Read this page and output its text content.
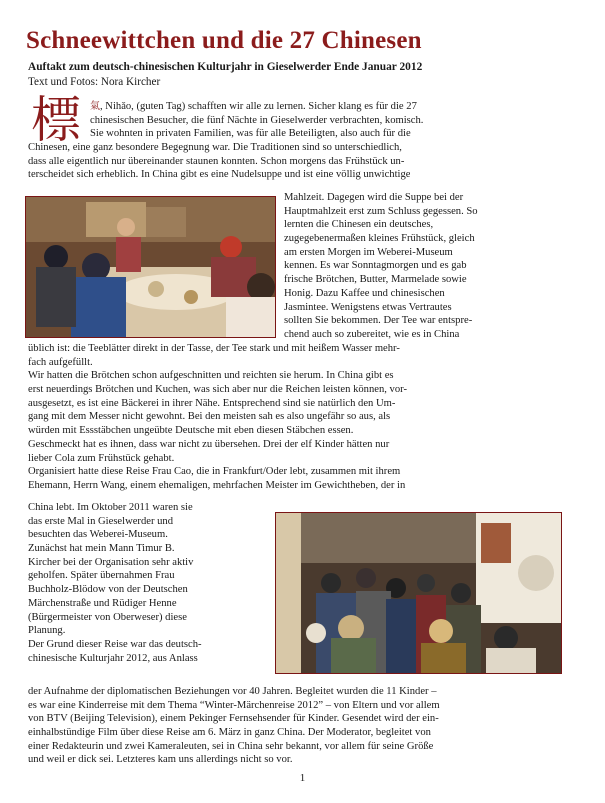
Schneewittchen und die 27 Chinesen
Auftakt zum deutsch-chinesischen Kulturjahr in Gieselwerder Ende Januar 2012
Text und Fotos: Nora Kircher
標 氣, Nihǎo, (guten Tag) schafften wir alle zu lernen. Sicher klang es für die 27
chinesischen Besucher, die fünf Nächte in Gieselwerder verbrachten, komisch.
Sie wohnten in privaten Familien, was für alle Beteiligten, also auch für die
Chinesen, eine ganz besondere Begegnung war. Die Traditionen sind so unterschiedlich,
dass alle eigentlich nur übereinander staunen konnten. Schon morgens das Frühstück un-
terscheidet sich erheblich. In China gibt es eine Nudelsuppe und ist eine völlig unwichtige
Mahlzeit. Dagegen wird die Suppe bei der
Hauptmahlzeit erst zum Schluss gegessen. So
lernten die Chinesen ein deutsches,
zugegebenermaßen kleines Frühstück, gleich
am ersten Morgen im Weberei-Museum
kennen. Es war Sonntagmorgen und es gab
frische Brötchen, Butter, Marmelade sowie
Honig. Dazu Kaffee und chinesischen
Jasmintee. Wenigstens etwas Vertrautes
sollten Sie bekommen. Der Tee war entspre-
chend auch so zubereitet, wie es in China
üblich ist: die Teeblätter direkt in der Tasse, der Tee stark und mit heißem Wasser mehr-
fach aufgefüllt.
Wir hatten die Brötchen schon aufgeschnitten und reichten sie herum. In China gibt es
erst neuerdings Brötchen und Kuchen, was sich aber nur die Reichen leisten können, vor-
ausgesetzt, es ist eine Bäckerei in ihrer Nähe. Entsprechend sind sie natürlich den Um-
gang mit dem Messer nicht gewohnt. Bei den meisten sah es also ungefähr so aus, als
würden mit Essstäbchen ungeübte Deutsche mit eben diesen Stäbchen essen.
Geschmeckt hat es ihnen, dass war nicht zu übersehen. Drei der elf Kinder hätten nur
lieber Cola zum Frühstück gehabt.
Organisiert hatte diese Reise Frau Cao, die in Frankfurt/Oder lebt, zusammen mit ihrem
Ehemann, Herrn Wang, einem ehemaligen, mehrfachen Meister im Gewichtheben, der in
China lebt. Im Oktober 2011 waren sie
das erste Mal in Gieselwerder und
besuchten das Weberei-Museum.
Zunächst hat mein Mann Timur B.
Kircher bei der Organisation sehr aktiv
geholfen. Später übernahmen Frau
Buchholz-Blödow von der Deutschen
Märchenstraße und Rüdiger Henne
(Bürgermeister von Oberweser) diese
Planung.
Der Grund dieser Reise war das deutsch-
chinesische Kulturjahr 2012, aus Anlass
der Aufnahme der diplomatischen Beziehungen vor 40 Jahren. Begleitet wurden die 11 Kinder –
es war eine Kinderreise mit dem Thema “Winter-Märchenreise 2012” – von Eltern und vor allem
von BTV (Beijing Television), einem Pekinger Fernsehsender für Kinder. Gesendet wird der ein-
einhalbstündige Film über diese Reise am 6. März in ganz China. Der Moderator, begleitet von
einer Redakteurin und zwei Kameraleuten, sei in China sehr bekannt, vor allem für seine Größe
und weil er dick sei. Letzteres kam uns allerdings nicht so vor.
1
